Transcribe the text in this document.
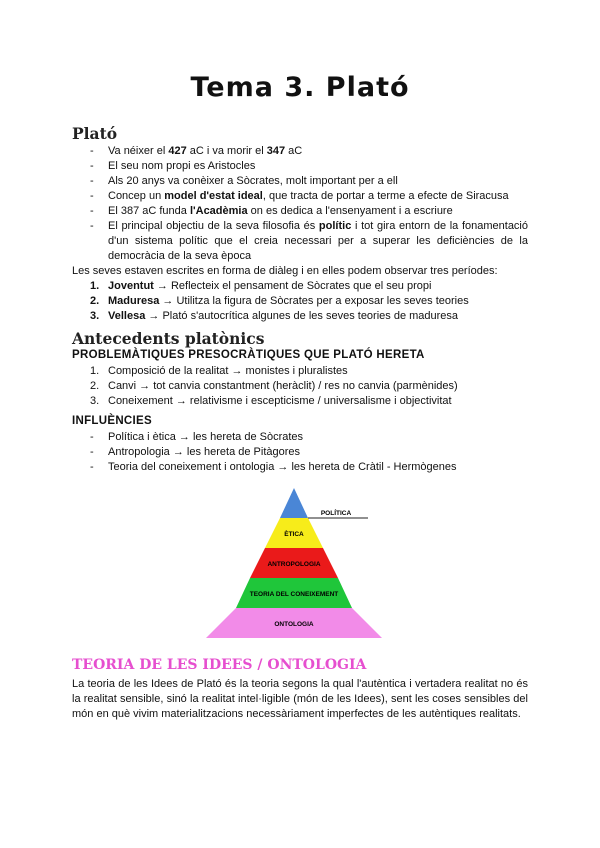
Tema 3. Plató
Plató
- Va néixer el 427 aC i va morir el 347 aC
- El seu nom propi es Aristocles
- Als 20 anys va conèixer a Sòcrates, molt important per a ell
- Concep un model d'estat ideal, que tracta de portar a terme a efecte de Siracusa
- El 387 aC funda l'Acadèmia on es dedica a l'ensenyament i a escriure
- El principal objectiu de la seva filosofia és polític i tot gira entorn de la fonamentació d'un sistema polític que el creia necessari per a superar les deficiències de la democràcia de la seva època
Les seves estaven escrites en forma de diàleg i en elles podem observar tres períodes:
1. Joventut → Reflecteix el pensament de Sòcrates que el seu propi
2. Maduresa → Utilitza la figura de Sòcrates per a exposar les seves teories
3. Vellesa → Plató s'autocrítica algunes de les seves teories de maduresa
Antecedents platònics
PROBLEMÀTIQUES PRESOCRÀTIQUES QUE PLATÓ HERETA
1. Composició de la realitat → monistes i pluralistes
2. Canvi → tot canvia constantment (heràclit) / res no canvia (parmènides)
3. Coneixement → relativisme i escepticisme / universalisme i objectivitat
INFLUÈNCIES
- Política i ètica → les hereta de Sòcrates
- Antropologia → les hereta de Pitàgores
- Teoria del coneixement i ontologia → les hereta de Cràtil - Hermògenes
POLÍTICA
ÈTICA
ANTROPOLOGIA
TEORIA DEL CONEIXEMENT
ONTOLOGIA
TEORIA DE LES IDEES / ONTOLOGIA
La teoria de les Idees de Plató és la teoria segons la qual l'autèntica i vertadera realitat no és la realitat sensible, sinó la realitat intel·ligible (món de les Idees), sent les coses sensibles del món en què vivim materialitzacions necessàriament imperfectes de les autèntiques realitats.
